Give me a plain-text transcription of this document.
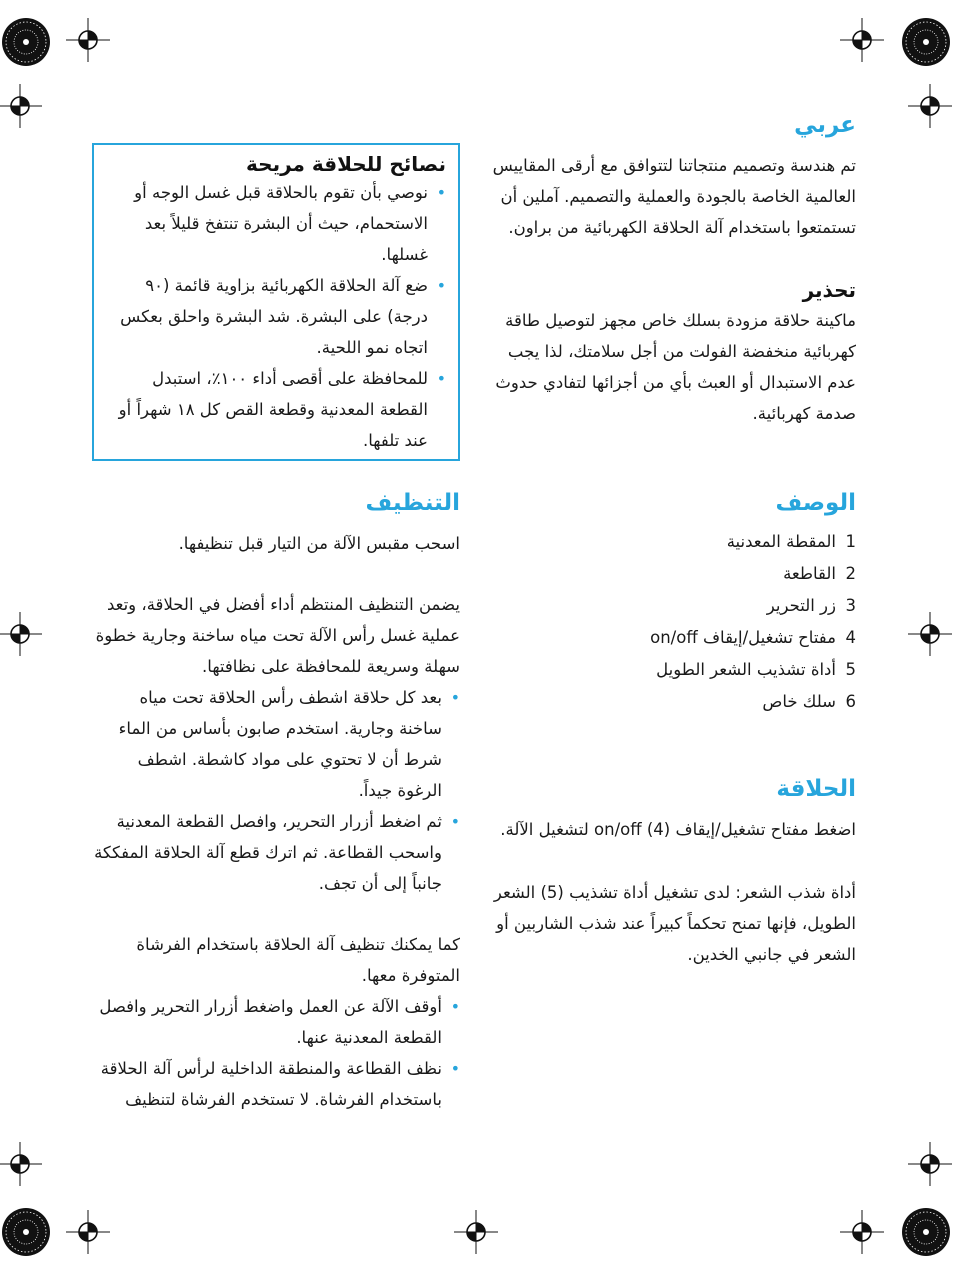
عربي

تم هندسة وتصميم منتجاتنا لتتوافق مع أرقى المقاييس العالمية الخاصة بالجودة والعملية والتصميم. آملين أن تستمتعوا باستخدام آلة الحلاقة الكهربائية من براون.

تحذير

ماكينة حلاقة مزودة بسلك خاص مجهز لتوصيل طاقة كهربائية منخفضة الفولت من أجل سلامتك، لذا يجب عدم الاستبدال أو العبث بأي من أجزائها لتفادي حدوث صدمة كهربائية.

نصائح للحلاقة مريحة
• نوصي بأن تقوم بالحلاقة قبل غسل الوجه أو الاستحمام، حيث أن البشرة تنتفخ قليلاً بعد غسلها.
• ضع آلة الحلاقة الكهربائية بزاوية قائمة (٩٠ درجة) على البشرة. شد البشرة واحلق بعكس اتجاه نمو اللحية.
• للمحافظة على أقصى أداء ١٠٠٪، استبدل القطعة المعدنية وقطعة القص كل ١٨ شهراً أو عند تلفها.
الوصف
1المقطة المعدنية
2القاطعة
3زر التحرير
4مفتاح تشغيل/إيقاف on/off
5أداة تشذيب الشعر الطويل
6سلك خاص
الحلاقة

اضغط مفتاح تشغيل/إيقاف on/off (4) لتشغيل الآلة.

أداة شذب الشعر: لدى تشغيل أداة تشذيب (5) الشعر الطويل، فإنها تمنح تحكماً كبيراً عند شذب الشاربين أو الشعر في جانبي الخدين.

التنظيف

اسحب مقبس الآلة من التيار قبل تنظيفها.

يضمن التنظيف المنتظم أداء أفضل في الحلاقة، وتعد عملية غسل رأس الآلة تحت مياه ساخنة وجارية خطوة سهلة وسريعة للمحافظة على نظافتها.

• بعد كل حلاقة اشطف رأس الحلاقة تحت مياه ساخنة وجارية. استخدم صابون بأساس من الماء شرط أن لا تحتوي على مواد كاشطة. اشطف الرغوة جيداً.
• ثم اضغط أزرار التحرير، وافصل القطعة المعدنية واسحب القطاعة. ثم اترك قطع آلة الحلاقة المفككة جانباً إلى أن تجف.

كما يمكنك تنظيف آلة الحلاقة باستخدام الفرشاة المتوفرة معها.

• أوقف الآلة عن العمل واضغط أزرار التحرير وافصل القطعة المعدنية عنها.
• نظف القطاعة والمنطقة الداخلية لرأس آلة الحلاقة باستخدام الفرشاة. لا تستخدم الفرشاة لتنظيف
